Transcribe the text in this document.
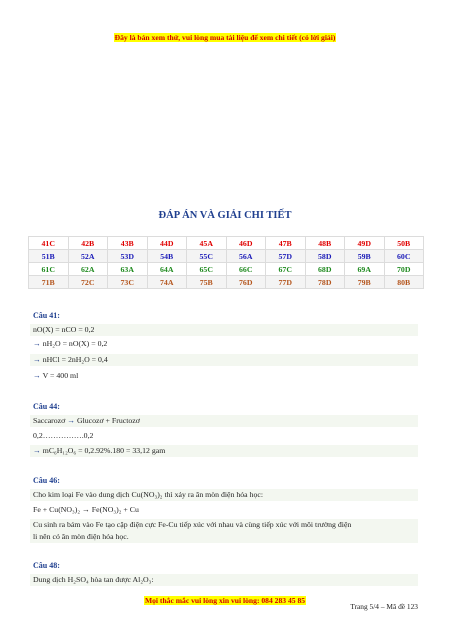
Đây là bản xem thử, vui lòng mua tài liệu để xem chi tiết (có lời giải)
ĐÁP ÁN VÀ GIẢI CHI TIẾT
41C	42B	43B	44D	45A	46D	47B	48B	49D	50B
51B	52A	53D	54B	55C	56A	57D	58D	59B	60C
61C	62A	63A	64A	65C	66C	67C	68D	69A	70D
71B	72C	73C	74A	75B	76D	77D	78D	79B	80B
Câu 41:
nO(X) = nCO = 0,2
→ nH₂O = nO(X) = 0,2
→ nHCl = 2nH₂O = 0,4
→ V = 400 ml
Câu 44:
Saccarozơ → Glucozơ + Fructozơ
0,2…………….0,2
→ mC₆H₁₂O₆ = 0,2.92%.180 = 33,12 gam
Câu 46:
Cho kim loại Fe vào dung dịch Cu(NO₃)₂ thì xảy ra ăn mòn điện hóa học:
Fe + Cu(NO₃)₂ → Fe(NO₃)₂ + Cu
Cu sinh ra bám vào Fe tạo cặp điện cực Fe-Cu tiếp xúc với nhau và cùng tiếp xúc với môi trường điện
li nên có ăn mòn điện hóa học.
Câu 48:
Dung dịch H₂SO₄ hòa tan được Al₂O₃:
Mọi thắc mắc vui lòng xin vui lòng: 084 283 45 85
Trang 5/4 – Mã đề 123
